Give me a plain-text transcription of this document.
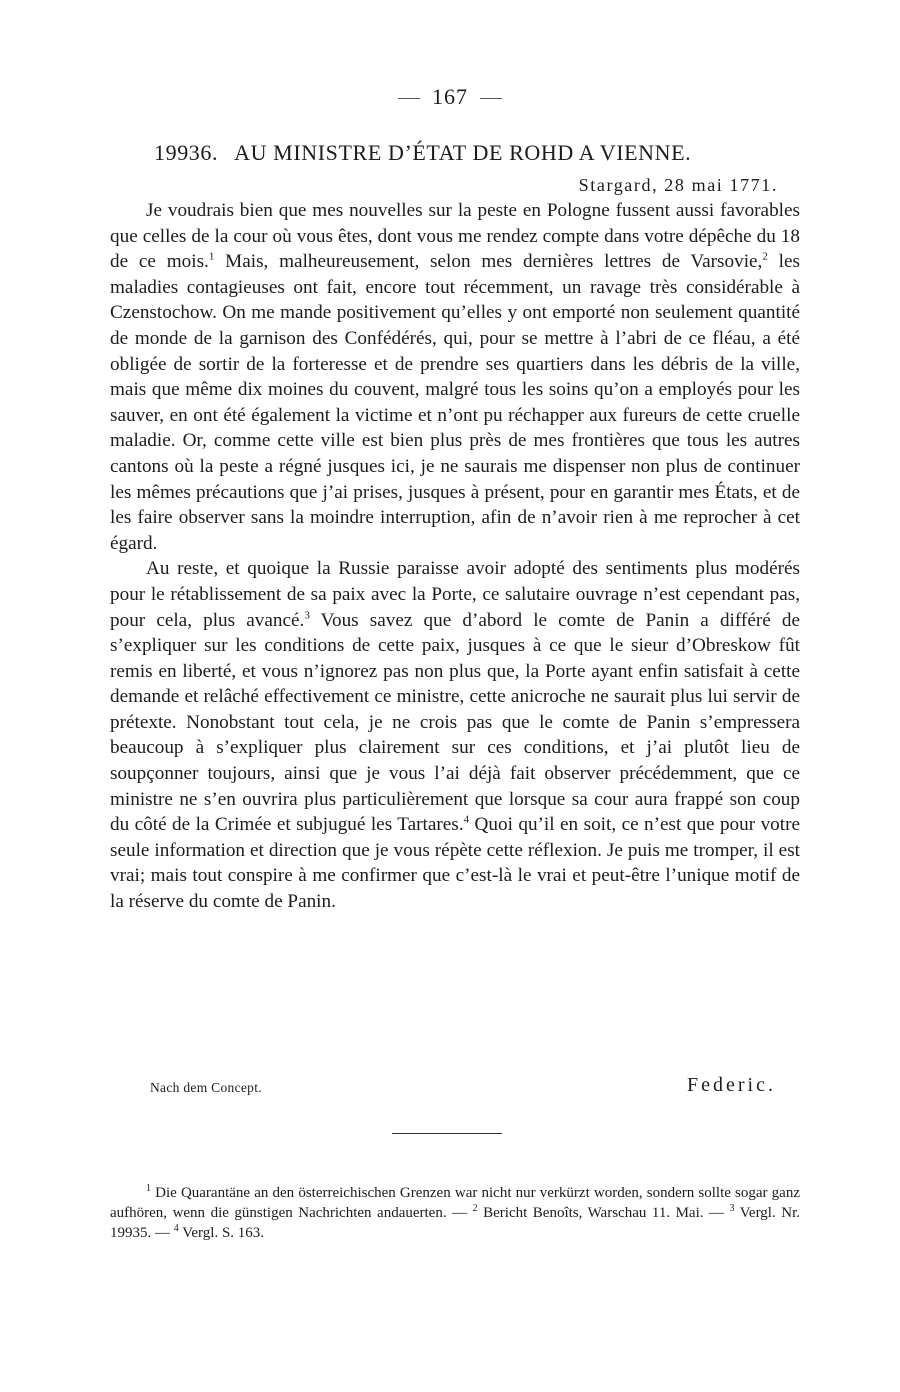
167
19936. AU MINISTRE D’ÉTAT DE ROHD A VIENNE.
Stargard, 28 mai 1771.

Je voudrais bien que mes nouvelles sur la peste en Pologne fussent aussi favorables que celles de la cour où vous êtes, dont vous me rendez compte dans votre dépêche du 18 de ce mois.$^1$ Mais, malheureusement, selon mes dernières lettres de Varsovie,$^2$ les maladies contagieuses ont fait, encore tout récemment, un ravage très considérable à Czenstochow. On me mande positivement qu’elles y ont emporté non seulement quantité de monde de la garnison des Confédérés, qui, pour se mettre à l’abri de ce fléau, a été obligée de sortir de la forteresse et de prendre ses quartiers dans les débris de la ville, mais que même dix moines du couvent, malgré tous les soins qu’on a employés pour les sauver, en ont été également la victime et n’ont pu réchapper aux fureurs de cette cruelle maladie. Or, comme cette ville est bien plus près de mes frontières que tous les autres cantons où la peste a régné jusques ici, je ne saurais me dispenser non plus de continuer les mêmes précautions que j’ai prises, jusques à présent, pour en garantir mes États, et de les faire observer sans la moindre interruption, afin de n’avoir rien à me reprocher à cet égard.

Au reste, et quoique la Russie paraisse avoir adopté des sentiments plus modérés pour le rétablissement de sa paix avec la Porte, ce salutaire ouvrage n’est cependant pas, pour cela, plus avancé.$^3$ Vous savez que d’abord le comte de Panin a différé de s’expliquer sur les conditions de cette paix, jusques à ce que le sieur d’Obreskow fût remis en liberté, et vous n’ignorez pas non plus que, la Porte ayant enfin satisfait à cette demande et relâché effectivement ce ministre, cette anicroche ne saurait plus lui servir de prétexte. Nonobstant tout cela, je ne crois pas que le comte de Panin s’empressera beaucoup à s’expliquer plus clairement sur ces conditions, et j’ai plutôt lieu de soupçonner toujours, ainsi que je vous l’ai déjà fait observer précédemment, que ce ministre ne s’en ouvrira plus particulièrement que lorsque sa cour aura frappé son coup du côté de la Crimée et subjugué les Tartares.$^4$ Quoi qu’il en soit, ce n’est que pour votre seule information et direction que je vous répète cette réflexion. Je puis me tromper, il est vrai; mais tout conspire à me confirmer que c’est-là le vrai et peut-être l’unique motif de la réserve du comte de Panin.

Nach dem Concept.	Federic.

$^1$ Die Quarantäne an den österreichischen Grenzen war nicht nur verkürzt worden, sondern sollte sogar ganz aufhören, wenn die günstigen Nachrichten andauerten. — $^2$ Bericht Benoîts, Warschau 11. Mai. — $^3$ Vergl. Nr. 19935. — $^4$ Vergl. S. 163.
